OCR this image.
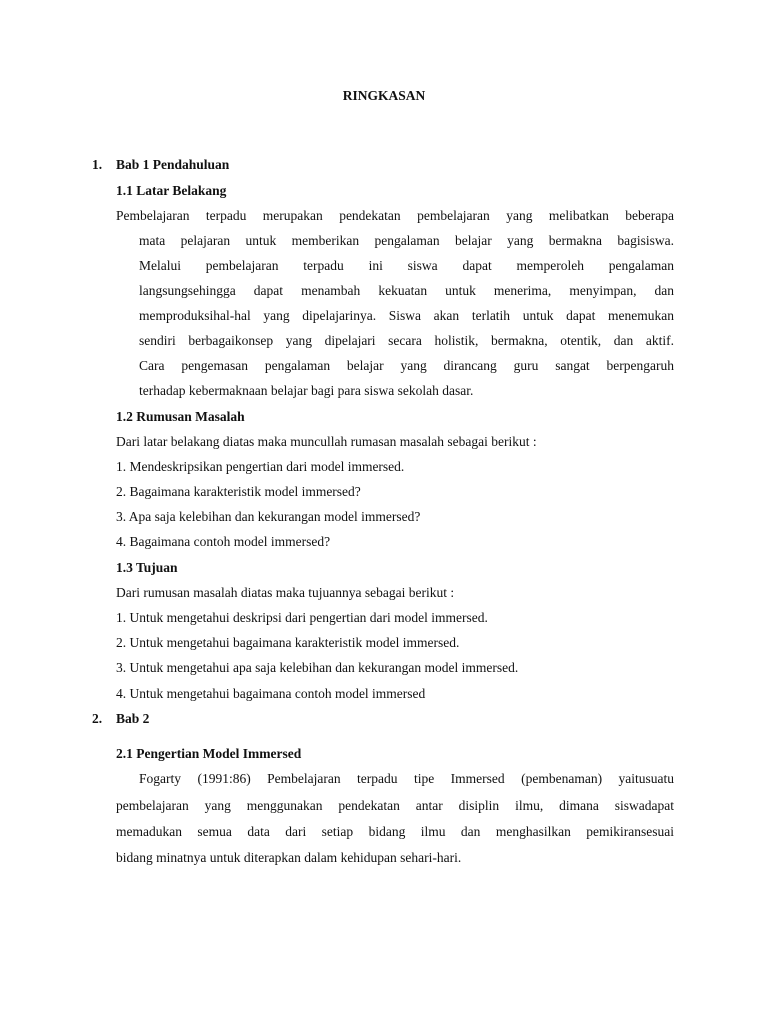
RINGKASAN
1. Bab 1 Pendahuluan
1.1 Latar Belakang
Pembelajaran terpadu merupakan pendekatan pembelajaran yang melibatkan beberapa
mata pelajaran untuk memberikan pengalaman belajar yang bermakna bagisiswa.
Melalui pembelajaran terpadu ini siswa dapat memperoleh pengalaman
langsungsehingga dapat menambah kekuatan untuk menerima, menyimpan, dan
memproduksihal-hal yang dipelajarinya. Siswa akan terlatih untuk dapat menemukan
sendiri berbagaikonsep yang dipelajari secara holistik, bermakna, otentik, dan aktif.
Cara pengemasan pengalaman belajar yang dirancang guru sangat berpengaruh
terhadap kebermaknaan belajar bagi para siswa sekolah dasar.
1.2 Rumusan Masalah
Dari latar belakang diatas maka muncullah rumasan masalah sebagai berikut :
1. Mendeskripsikan pengertian dari model immersed.
2. Bagaimana karakteristik model immersed?
3. Apa saja kelebihan dan kekurangan model immersed?
4. Bagaimana contoh model immersed?
1.3 Tujuan
Dari rumusan masalah diatas maka tujuannya sebagai berikut :
1. Untuk mengetahui deskripsi dari pengertian dari model immersed.
2. Untuk mengetahui bagaimana karakteristik model immersed.
3. Untuk mengetahui apa saja kelebihan dan kekurangan model immersed.
4. Untuk mengetahui bagaimana contoh model immersed
2. Bab 2
2.1 Pengertian Model Immersed
Fogarty (1991:86) Pembelajaran terpadu tipe Immersed (pembenaman) yaitusuatu
pembelajaran yang menggunakan pendekatan antar disiplin ilmu, dimana siswadapat
memadukan semua data dari setiap bidang ilmu dan menghasilkan pemikiransesuai
bidang minatnya untuk diterapkan dalam kehidupan sehari-hari.
